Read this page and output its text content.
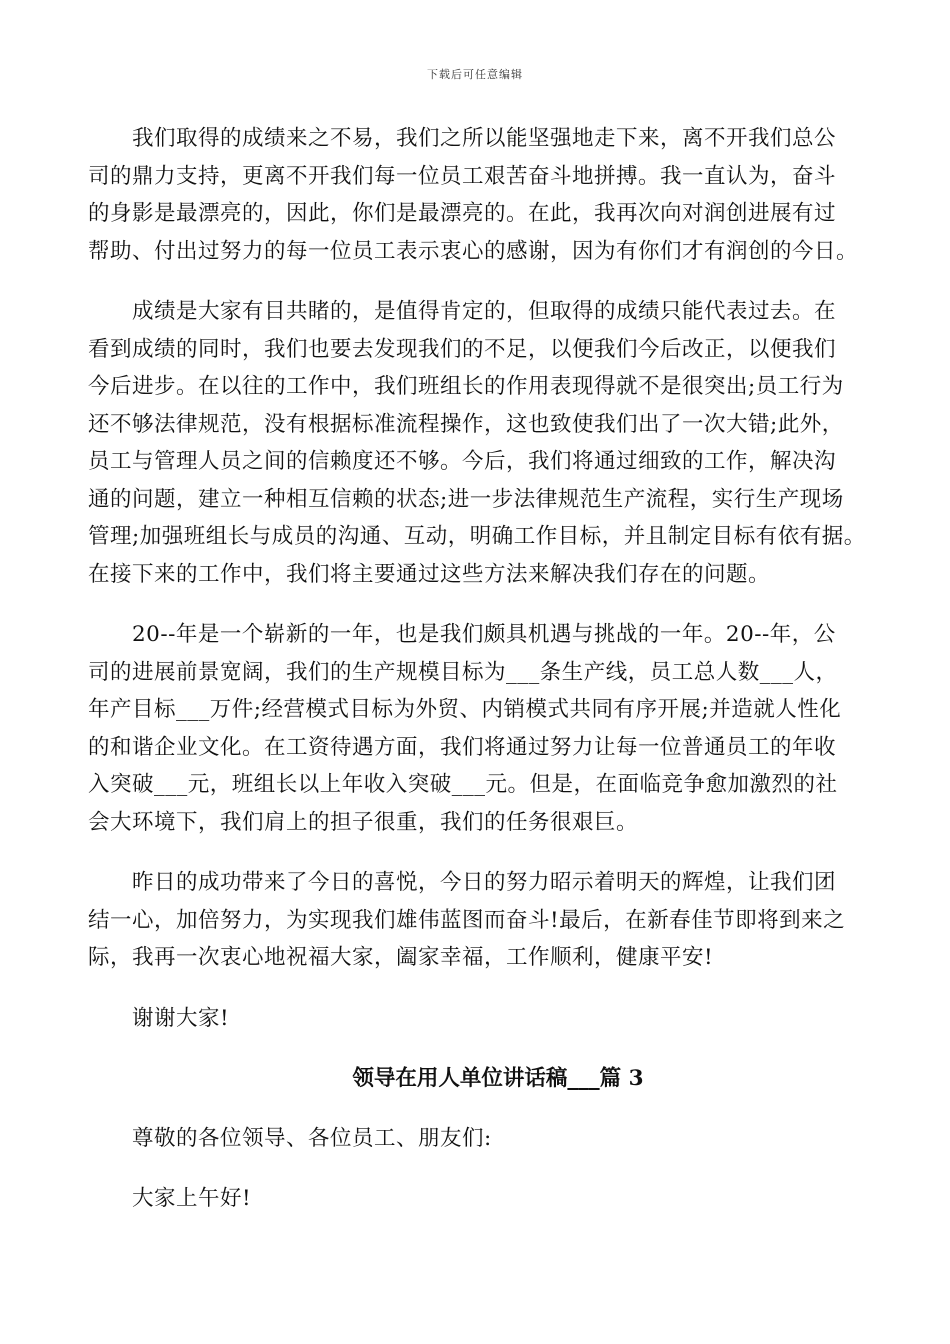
下载后可任意编辑
我们取得的成绩来之不易，我们之所以能坚强地走下来，离不开我们总公
司的鼎力支持，更离不开我们每一位员工艰苦奋斗地拼搏。我一直认为，奋斗
的身影是最漂亮的，因此，你们是最漂亮的。在此，我再次向对润创进展有过
帮助、付出过努力的每一位员工表示衷心的感谢，因为有你们才有润创的今日。
成绩是大家有目共睹的，是值得肯定的，但取得的成绩只能代表过去。在
看到成绩的同时，我们也要去发现我们的不足，以便我们今后改正，以便我们
今后进步。在以往的工作中，我们班组长的作用表现得就不是很突出;员工行为
还不够法律规范，没有根据标准流程操作，这也致使我们出了一次大错;此外，
员工与管理人员之间的信赖度还不够。今后，我们将通过细致的工作，解决沟
通的问题，建立一种相互信赖的状态;进一步法律规范生产流程，实行生产现场
管理;加强班组长与成员的沟通、互动，明确工作目标，并且制定目标有依有据。
在接下来的工作中，我们将主要通过这些方法来解决我们存在的问题。
20--年是一个崭新的一年，也是我们颇具机遇与挑战的一年。20--年，公
司的进展前景宽阔，我们的生产规模目标为___条生产线，员工总人数___人，
年产目标___万件;经营模式目标为外贸、内销模式共同有序开展;并造就人性化
的和谐企业文化。在工资待遇方面，我们将通过努力让每一位普通员工的年收
入突破___元，班组长以上年收入突破___元。但是，在面临竞争愈加激烈的社
会大环境下，我们肩上的担子很重，我们的任务很艰巨。
昨日的成功带来了今日的喜悦，今日的努力昭示着明天的辉煌，让我们团
结一心，加倍努力，为实现我们雄伟蓝图而奋斗!最后，在新春佳节即将到来之
际，我再一次衷心地祝福大家，阖家幸福，工作顺利，健康平安!
谢谢大家!
领导在用人单位讲话稿___篇 3
尊敬的各位领导、各位员工、朋友们:
大家上午好!
